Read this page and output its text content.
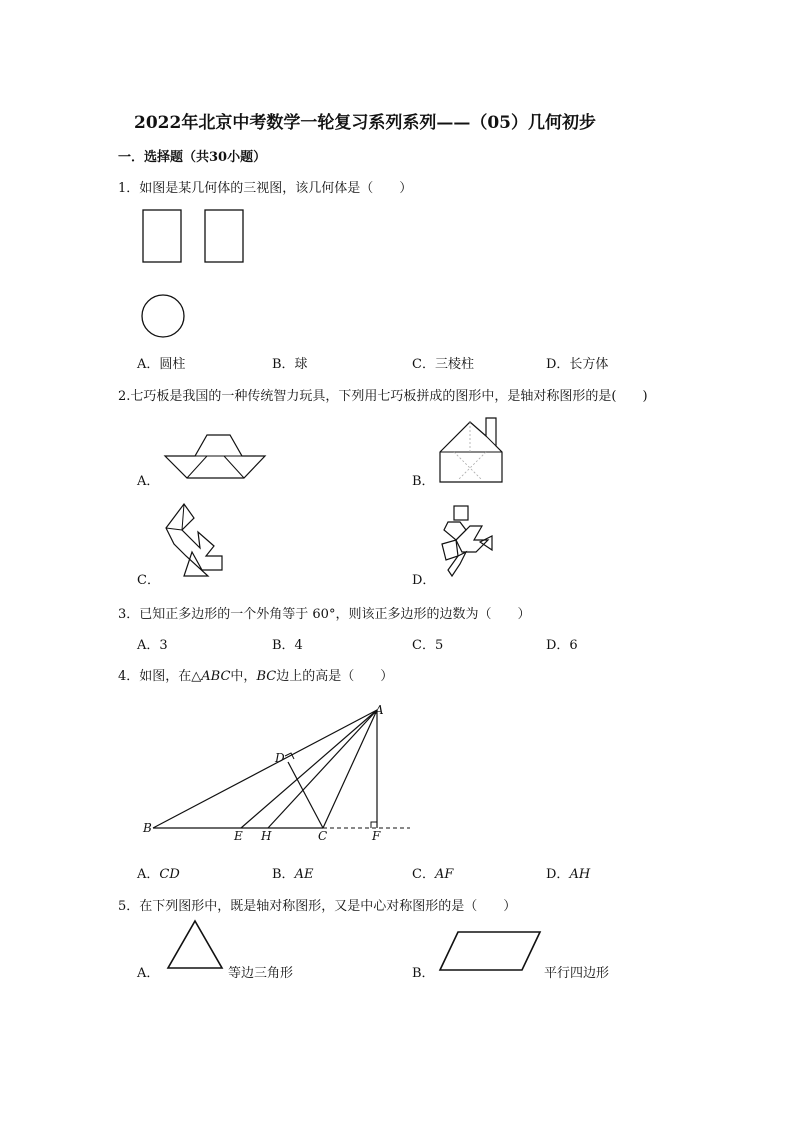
2022年北京中考数学一轮复习系列系列——（05）几何初步
一．选择题（共30小题）
1．如图是某几何体的三视图，该几何体是（　　）
A．圆柱	B．球	C．三棱柱	D．长方体
2.七巧板是我国的一种传统智力玩具，下列用七巧板拼成的图形中，是轴对称图形的是(　　)
A．	B．
C．	D．
3．已知正多边形的一个外角等于 60°，则该正多边形的边数为（　　）
A．3	B．4	C．5	D．6
4．如图，在△ABC中，BC边上的高是（　　）
A
B
C
D
E	F
H
A．CD	B．AE	C．AF	D．AH
5．在下列图形中，既是轴对称图形，又是中心对称图形的是（　　）
A．	等边三角形	B．	平行四边形
